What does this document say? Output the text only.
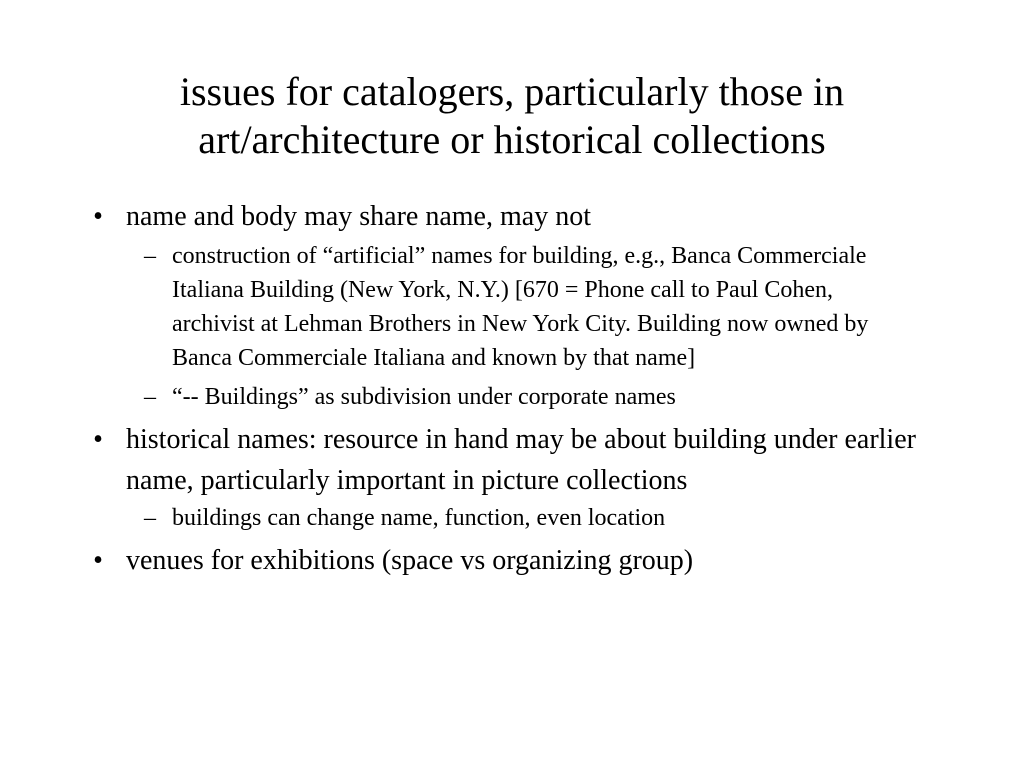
issues for catalogers, particularly those in
art/architecture or historical collections
• name and body may share name, may not
– construction of “artificial” names for building, e.g., Banca Commerciale Italiana Building (New York, N.Y.) [670 = Phone call to Paul Cohen, archivist at Lehman Brothers in New York City. Building now owned by Banca Commerciale Italiana and known by that name]
– “-- Buildings” as subdivision under corporate names
• historical names: resource in hand may be about building under earlier name, particularly important in picture collections
– buildings can change name, function, even location
• venues for exhibitions (space vs organizing group)
